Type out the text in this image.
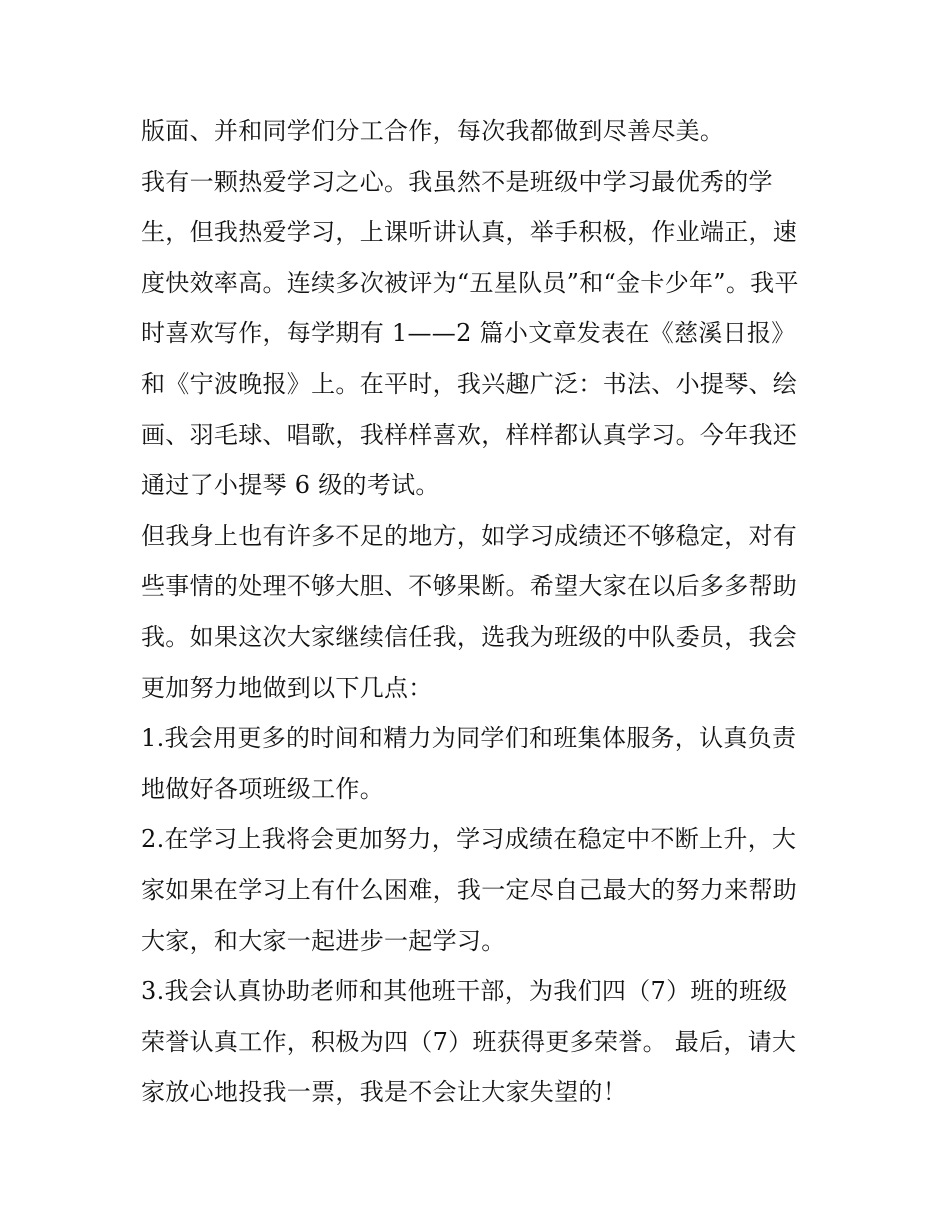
版面、并和同学们分工合作，每次我都做到尽善尽美。
我有一颗热爱学习之心。我虽然不是班级中学习最优秀的学
生，但我热爱学习，上课听讲认真，举手积极，作业端正，速
度快效率高。连续多次被评为“五星队员”和“金卡少年”。我平
时喜欢写作，每学期有 1——2 篇小文章发表在《慈溪日报》
和《宁波晚报》上。在平时，我兴趣广泛：书法、小提琴、绘
画、羽毛球、唱歌，我样样喜欢，样样都认真学习。今年我还
通过了小提琴 6 级的考试。
但我身上也有许多不足的地方，如学习成绩还不够稳定，对有
些事情的处理不够大胆、不够果断。希望大家在以后多多帮助
我。如果这次大家继续信任我，选我为班级的中队委员，我会
更加努力地做到以下几点：
1.我会用更多的时间和精力为同学们和班集体服务，认真负责
地做好各项班级工作。
2.在学习上我将会更加努力，学习成绩在稳定中不断上升，大
家如果在学习上有什么困难，我一定尽自己最大的努力来帮助
大家，和大家一起进步一起学习。
3.我会认真协助老师和其他班干部，为我们四（7）班的班级
荣誉认真工作，积极为四（7）班获得更多荣誉。 最后，请大
家放心地投我一票，我是不会让大家失望的！
